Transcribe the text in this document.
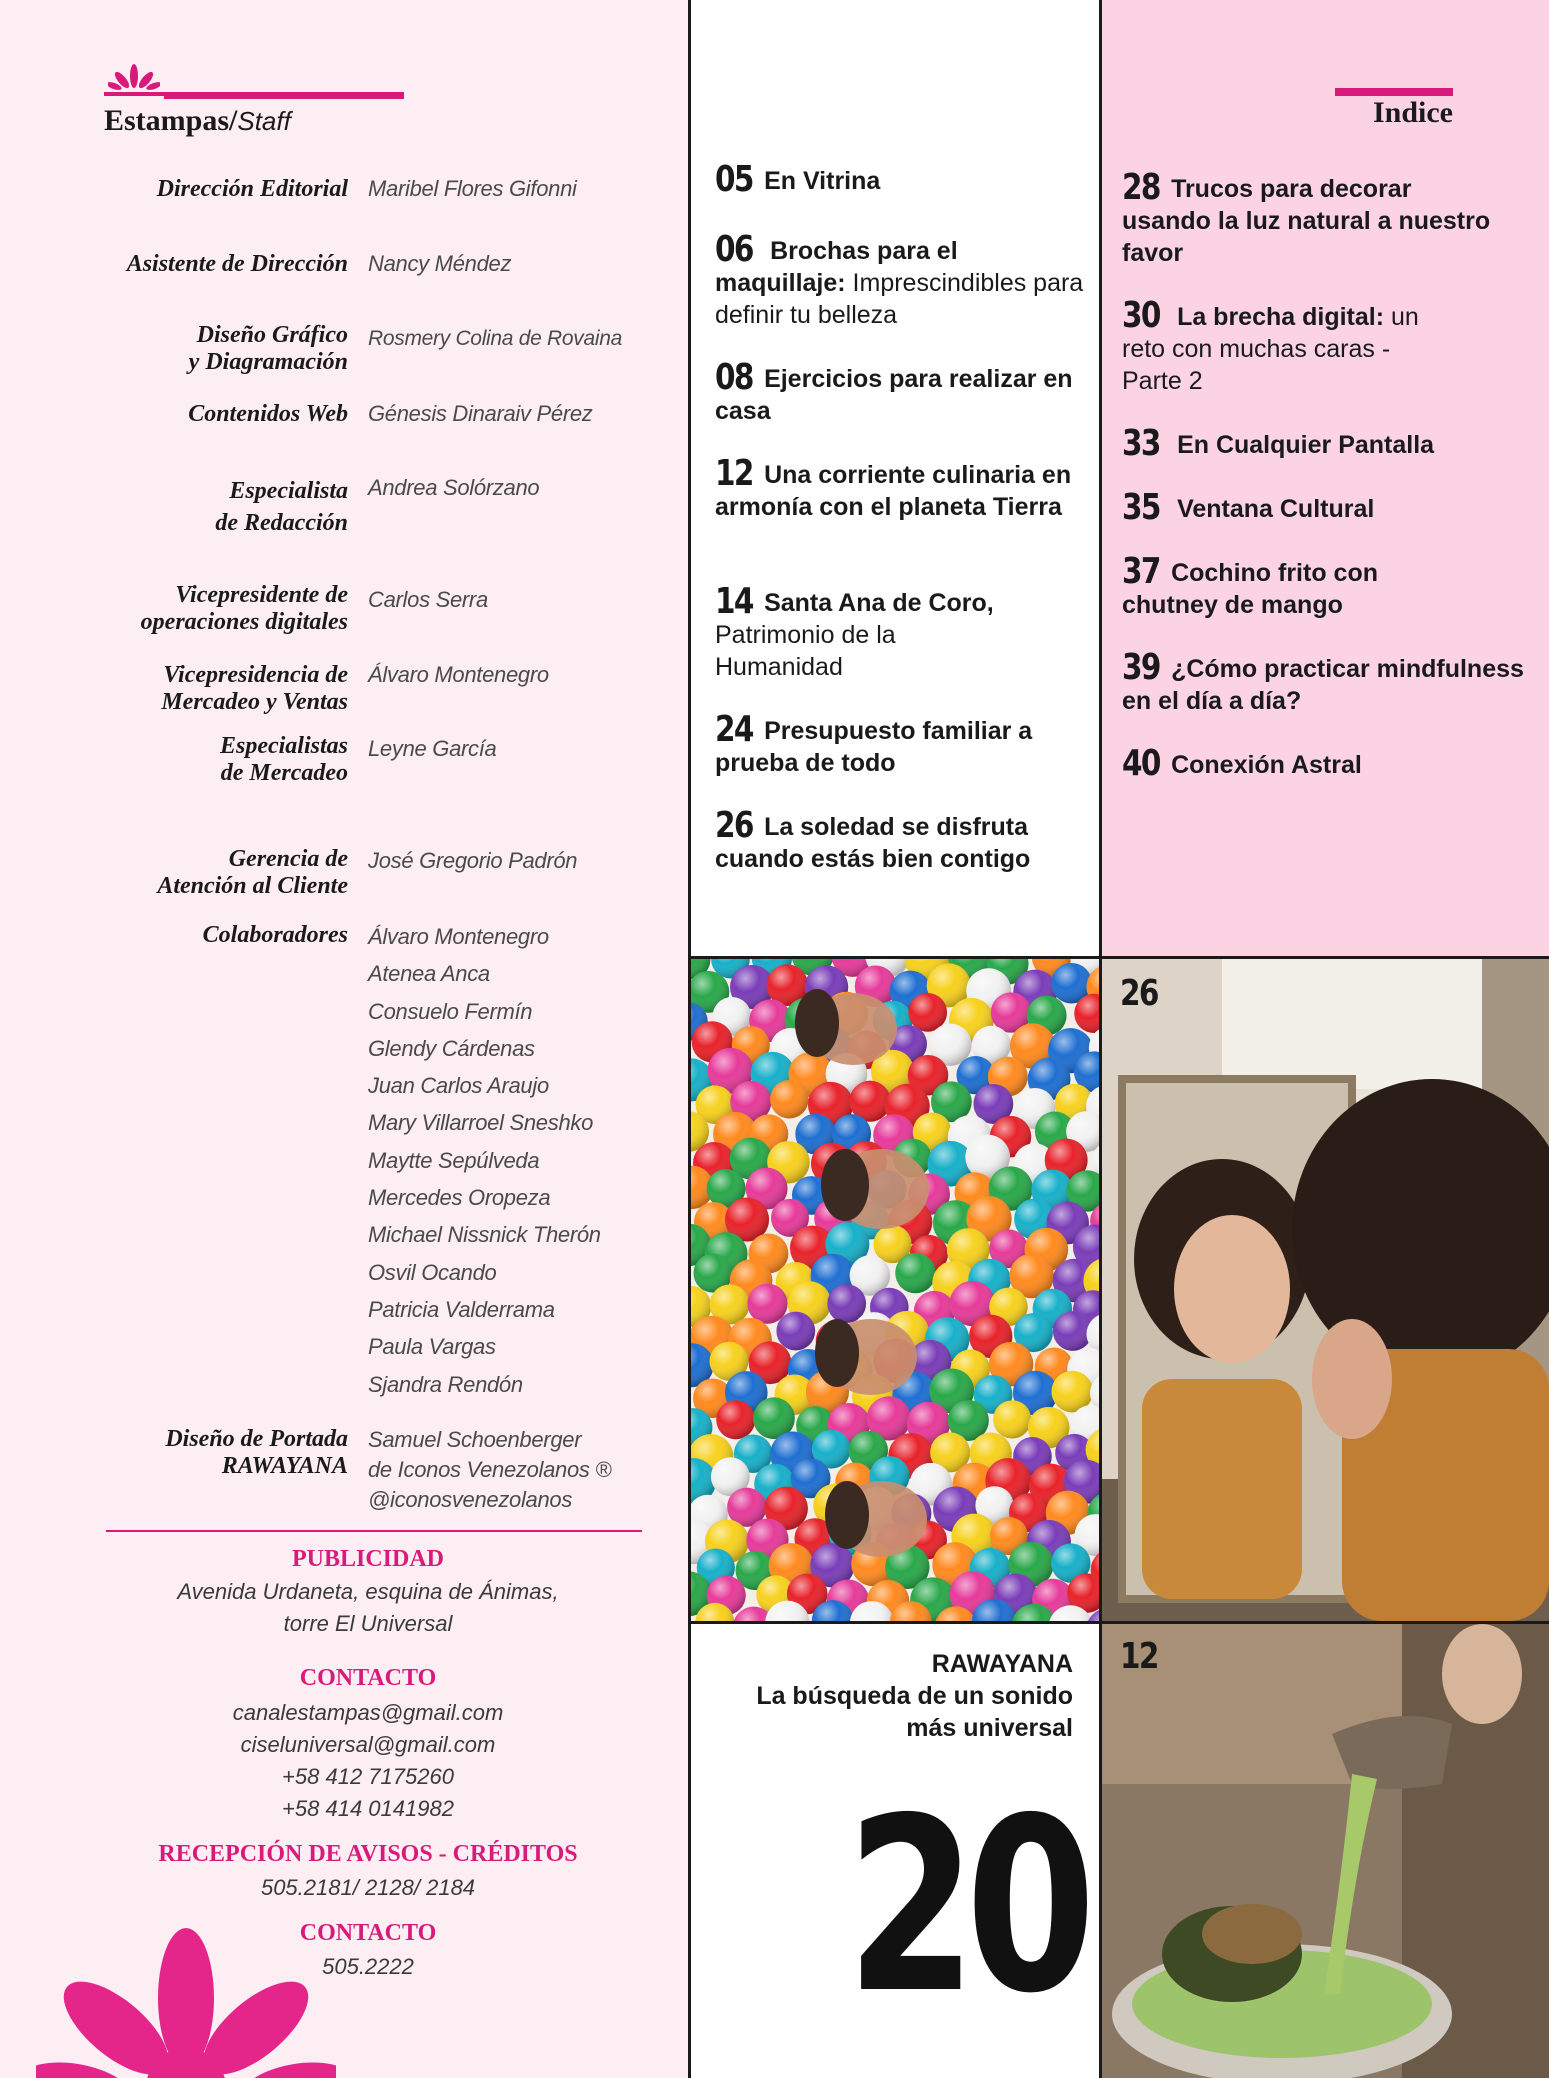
Estampas/Staff
Dirección Editorial Maribel Flores Gifonni
Asistente de Dirección Nancy Méndez
Diseño Gráfico
y Diagramación
Rosmery Colina de Rovaina
Contenidos Web Génesis Dinaraiv Pérez
Especialista
de Redacción
Andrea Solórzano
Vicepresidente de
operaciones digitales
Carlos Serra
Vicepresidencia de
Mercadeo y Ventas
Álvaro Montenegro
Especialistas
de Mercadeo
Leyne García
Gerencia de
Atención al Cliente
José Gregorio Padrón
Colaboradores Álvaro Montenegro
Atenea Anca
Consuelo Fermín
Glendy Cárdenas
Juan Carlos Araujo
Mary Villarroel Sneshko
Maytte Sepúlveda
Mercedes Oropeza
Michael Nissnick Therón
Osvil Ocando
Patricia Valderrama
Paula Vargas
Sjandra Rendón
Diseño de Portada
RAWAYANA
Samuel Schoenberger
de Iconos Venezolanos ®
@iconosvenezolanos
PUBLICIDAD
Avenida Urdaneta, esquina de Ánimas,
torre El Universal
CONTACTO
canalestampas@gmail.com
ciseluniversal@gmail.com
+58 412 7175260
+58 414 0141982
RECEPCIÓN DE AVISOS - CRÉDITOS
505.2181/ 2128/ 2184
CONTACTO
505.2222
05 En Vitrina
06 Brochas para el maquillaje: Imprescindibles para definir tu belleza
08 Ejercicios para realizar en casa
12 Una corriente culinaria en armonía con el planeta Tierra
14 Santa Ana de Coro, Patrimonio de la Humanidad
24 Presupuesto familiar a prueba de todo
26 La soledad se disfruta cuando estás bien contigo
28 Trucos para decorar usando la luz natural a nuestro favor
30 La brecha digital: un reto con muchas caras - Parte 2
33 En Cualquier Pantalla
35 Ventana Cultural
37 Cochino frito con chutney de mango
39 ¿Cómo practicar mindfulness en el día a día?
40 Conexión Astral
Indice
26
12
RAWAYANA
La búsqueda de un sonido
más universal
20
